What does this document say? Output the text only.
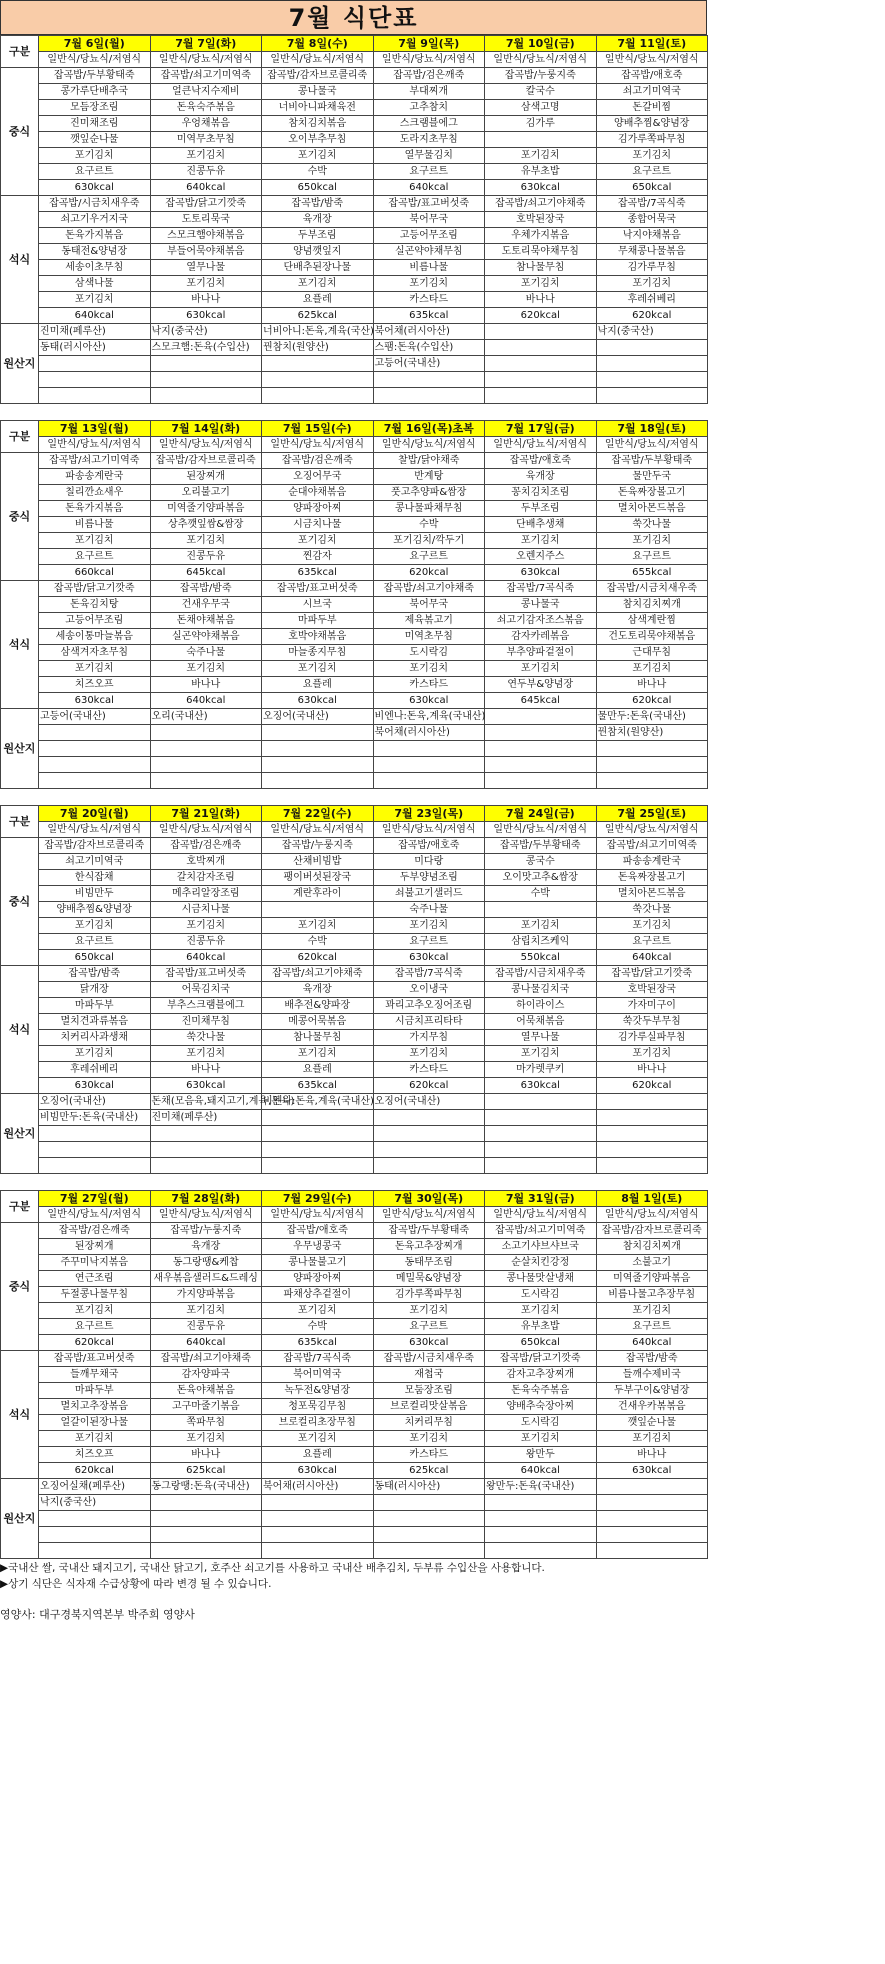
7월 식단표
구분	7월 6일(월)	7월 7일(화)	7월 8일(수)	7월 9일(목)	7월 10일(금)	7월 11일(토)
	일반식/당뇨식/저염식	일반식/당뇨식/저염식	일반식/당뇨식/저염식	일반식/당뇨식/저염식	일반식/당뇨식/저염식	일반식/당뇨식/저염식
중식	잡곡밥/두부황태죽	잡곡밥/쇠고기미역죽	잡곡밥/감자브로콜리죽	잡곡밥/검은깨죽	잡곡밥/누룽지죽	잡곡밥/애호죽
	콩가루단배추국	얼큰낙지수제비	콩나물국	부대찌개	칼국수	쇠고기미역국
	모듬장조림	돈육숙주볶음	너비아니파채육전	고추참치	삼색고명	돈갈비찜
	진미채조림	우엉채볶음	참치김치볶음	스크램블에그	김가루	양배추찜&양념장
	깻잎순나물	미역무초무침	오이부추무침	도라지초무침		김가루쪽파무침
	포기김치	포기김치	포기김치	열무물김치	포기김치	포기김치
	요구르트	진콩두유	수박	요구르트	유부초밥	요구르트
	630kcal	640kcal	650kcal	640kcal	630kcal	650kcal
석식	잡곡밥/시금치새우죽	잡곡밥/닭고기깟죽	잡곡밥/밤죽	잡곡밥/표고버섯죽	잡곡밥/쇠고기야채죽	잡곡밥/7곡식죽
	쇠고기우거지국	도토리묵국	육개장	북어무국	호박된장국	종합어묵국
	돈육가지볶음	스모크햄야채볶음	두부조림	고등어무조림	우체가지볶음	낙지야채볶음
	동태전&양념장	부들어묵야채볶음	양념깻잎지	실곤약야채무침	도토리묵야채무침	무채콩나물볶음
	세송이초무침	열무나물	단배추된장나물	비름나물	참나물무침	김가루무침
	삼색나물	포기김치	포기김치	포기김치	포기김치	포기김치
	포기김치	바나나	요플레	카스타드	바나나	후레쉬베리
	640kcal	630kcal	625kcal	635kcal	620kcal	620kcal
원산지	진미채(페루산)	낙지(중국산)	너비아니:돈육,계육(국산)	북어채(러시아산)		낙지(중국산)
	동태(러시아산)	스모크햄:돈육(수입산)	꿘참치(원양산)	스팸:돈육(수입산)		
				고등어(국내산)		

구분	7월 13일(월)	7월 14일(화)	7월 15일(수)	7월 16일(목)초복	7월 17일(금)	7월 18일(토)
	일반식/당뇨식/저염식	일반식/당뇨식/저염식	일반식/당뇨식/저염식	일반식/당뇨식/저염식	일반식/당뇨식/저염식	일반식/당뇨식/저염식
중식	잡곡밥/쇠고기미역죽	잡곡밥/감자브로콜리죽	잡곡밥/검은깨죽	찰밥/닭야채죽	잡곡밥/애호죽	잡곡밥/두부황태죽
	파송송계란국	된장찌개	오징어무국	반계탕	육개장	물만두국
	칠리깐쇼새우	오리불고기	순대야채볶음	풋고추양파&쌈장	꽁치김치조림	돈육짜장볼고기
	돈육가지볶음	미역줄기양파볶음	양파장아찌	콩나물파채무침	두부조림	멸치아몬드볶음
	비름나물	상추깻잎쌈&쌈장	시금치나물	수박	단배추생채	쑥갓나물
	포기김치	포기김치	포기김치	포기김치/깍두기	포기김치	포기김치
	요구르트	진콩두유	찐감자	요구르트	오렌지주스	요구르트
	660kcal	645kcal	635kcal	620kcal	630kcal	655kcal
석식	잡곡밥/닭고기깟죽	잡곡밥/밤죽	잡곡밥/표고버섯죽	잡곡밥/쇠고기야채죽	잡곡밥/7곡식죽	잡곡밥/시금치새우죽
	돈육김치탕	건새우무국	시브국	북어무국	콩나물국	참치김치찌개
	고등어무조림	돈채야채볶음	마파두부	제육볶고기	쇠고기감자조스볶음	삼색계란찜
	세송이통마늘볶음	실곤약야채볶음	호박야채볶음	미역초무침	감자카레볶음	건도토리묵야채볶음
	삼색겨자초무침	숙주나물	마늘종지무침	도시락김	부추양파겉절이	근대무침
	포기김치	포기김치	포기김치	포기김치	포기김치	포기김치
	치즈오프	바나나	요플레	카스타드	연두부&양념장	바나나
	630kcal	640kcal	630kcal	630kcal	645kcal	620kcal
원산지	고등어(국내산)	오리(국내산)	오징어(국내산)	비엔나:돈육,계육(국내산)		물만두:돈육(국내산)
				북어채(러시아산)		꿘참치(원양산)

구분	7월 20일(월)	7월 21일(화)	7월 22일(수)	7월 23일(목)	7월 24일(금)	7월 25일(토)
	일반식/당뇨식/저염식	일반식/당뇨식/저염식	일반식/당뇨식/저염식	일반식/당뇨식/저염식	일반식/당뇨식/저염식	일반식/당뇨식/저염식
중식	잡곡밥/감자브로콜리죽	잡곡밥/검은깨죽	잡곡밥/누룽지죽	잡곡밥/애호죽	잡곡밥/두부황태죽	잡곡밥/쇠고기미역죽
	쇠고기미역국	호박찌개	산채비빔밥	미다랑	콩국수	파송송계란국
	한식잡채	갈치감자조림	팽이버섯된장국	두부양념조림	오이맛고추&쌈장	돈육짜장볼고기
	비빔만두	메추리알장조림	계란후라이	쇠불고기샐러드	수박	멸치아몬드볶음
	양배추찜&양념장	시금치나물		숙주나물		쑥갓나물
	포기김치	포기김치	포기김치	포기김치	포기김치	포기김치
	요구르트	진콩두유	수박	요구르트	삼립치즈케익	요구르트
	650kcal	640kcal	620kcal	630kcal	550kcal	640kcal
석식	잡곡밥/밤죽	잡곡밥/표고버섯죽	잡곡밥/쇠고기야채죽	잡곡밥/7곡식죽	잡곡밥/시금치새우죽	잡곡밥/닭고기깟죽
	닭개장	어묵김치국	육개장	오이냉국	콩나물김치국	호박된장국
	마파두부	부추스크램블에그	배추전&양파장	꽈리고추오징어조림	하이라이스	가자미구이
	멸치견과류볶음	진미채무침	메콩어묵볶음	시금치프리타타	어묵채볶음	쑥갓두부무침
	치커리사과생채	쑥갓나물	참나물무침	가지무침	열무나물	김가루실파무침
	포기김치	포기김치	포기김치	포기김치	포기김치	포기김치
	후레쉬베리	바나나	요플레	카스타드	마가렛쿠키	바나나
	630kcal	630kcal	635kcal	620kcal	630kcal	620kcal
원산지	오징어(국내산)	돈채(모음육,돼지고기,계육,돈육)	비엔나:돈육,계육(국내산)	오징어(국내산)		
	비빔만두:돈육(국내산)	진미채(페루산)				

구분	7월 27일(월)	7월 28일(화)	7월 29일(수)	7월 30일(목)	7월 31일(금)	8월 1일(토)
	일반식/당뇨식/저염식	일반식/당뇨식/저염식	일반식/당뇨식/저염식	일반식/당뇨식/저염식	일반식/당뇨식/저염식	일반식/당뇨식/저염식
중식	잡곡밥/검은깨죽	잡곡밥/누룽지죽	잡곡밥/애호죽	잡곡밥/두부황태죽	잡곡밥/쇠고기미역죽	잡곡밥/감자브로콜리죽
	된장찌개	육개장	우무냉콩국	돈육고추장찌개	소고기샤브샤브국	참치김치찌개
	주꾸미낙지볶음	동그랑땡&케찹	콩나물불고기	동태무조림	순살치킨강정	소불고기
	연근조림	새우볶음샐러드&드레싱	양파장아찌	메밀묵&양념장	콩나물맛살냉채	미역줄기양파볶음
	두절콩나물무침	가지양파볶음	파채상추겉절이	김가루쪽파무침	도시락김	비름나물고추장무침
	포기김치	포기김치	포기김치	포기김치	포기김치	포기김치
	요구르트	진콩두유	수박	요구르트	유부초밥	요구르트
	620kcal	640kcal	635kcal	630kcal	650kcal	640kcal
석식	잡곡밥/표고버섯죽	잡곡밥/쇠고기야채죽	잡곡밥/7곡식죽	잡곡밥/시금치새우죽	잡곡밥/닭고기깟죽	잡곡밥/밤죽
	들깨무채국	감자양파국	북어미역국	재첩국	감자고추장찌개	들깨수제비국
	마파두부	돈육야채볶음	녹두전&양념장	모둠장조림	돈육숙주볶음	두부구이&양념장
	멸치고추장볶음	고구마줄기볶음	청포묵김무침	브로컬리맛살볶음	양배추숙장아찌	건새우카볶볶음
	얼갈이된장나물	쪽파무침	브로컬리초장무침	치커리무침	도시락김	깻잎순나물
	포기김치	포기김치	포기김치	포기김치	포기김치	포기김치
	치즈오프	바나나	요플레	카스타드	왕만두	바나나
	620kcal	625kcal	630kcal	625kcal	640kcal	630kcal
원산지	오징어실채(페루산)	동그랑땡:돈육(국내산)	북어채(러시아산)	동태(러시아산)	왕만두:돈육(국내산)	
	낙지(중국산)					

▶국내산 쌀, 국내산 돼지고기, 국내산 닭고기, 호주산 쇠고기를 사용하고 국내산 배추김치, 두부류 수입산을 사용합니다.
▶상기 식단은 식자재 수급상황에 따라 변경 될 수 있습니다.
영양사: 대구경북지역본부 박주희 영양사
